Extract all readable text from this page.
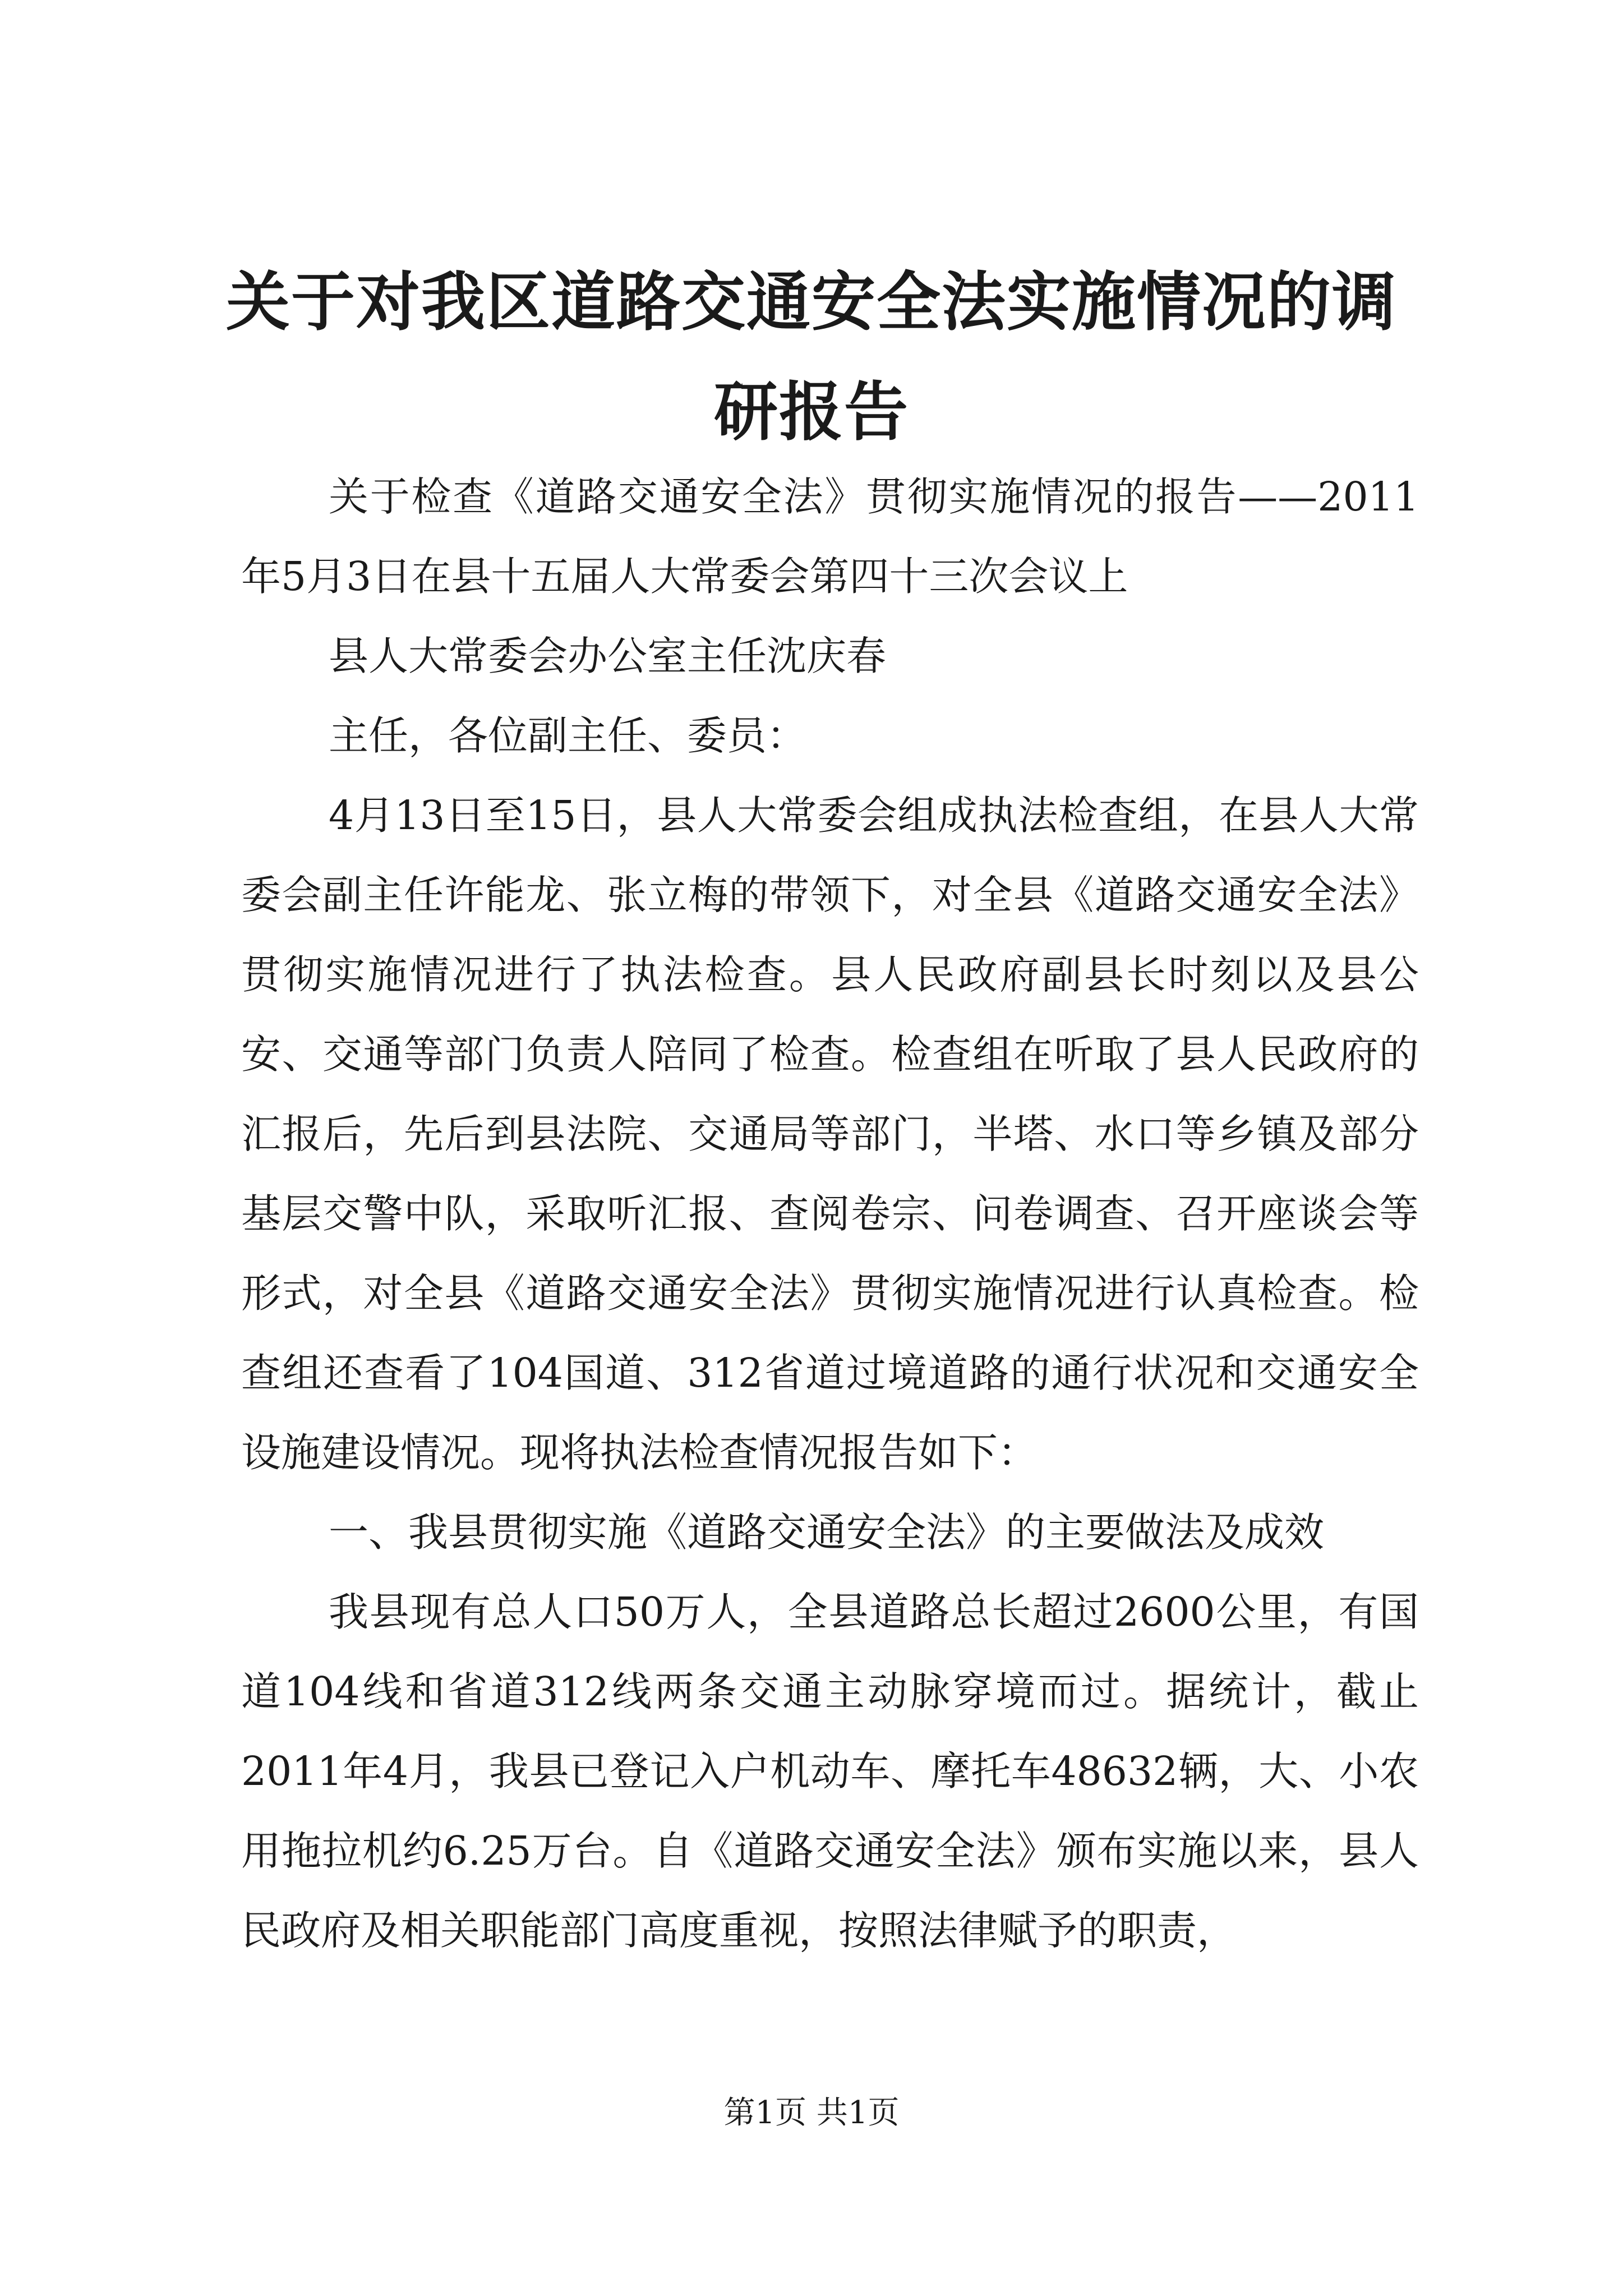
关于对我区道路交通安全法实施情况的调研报告

关于检查《道路交通安全法》贯彻实施情况的报告——2011年5月3日在县十五届人大常委会第四十三次会议上

县人大常委会办公室主任沈庆春

主任，各位副主任、委员：

4月13日至15日，县人大常委会组成执法检查组，在县人大常委会副主任许能龙、张立梅的带领下，对全县《道路交通安全法》贯彻实施情况进行了执法检查。县人民政府副县长时刻以及县公安、交通等部门负责人陪同了检查。检查组在听取了县人民政府的汇报后，先后到县法院、交通局等部门，半塔、水口等乡镇及部分基层交警中队，采取听汇报、查阅卷宗、问卷调查、召开座谈会等形式，对全县《道路交通安全法》贯彻实施情况进行认真检查。检查组还查看了104国道、312省道过境道路的通行状况和交通安全设施建设情况。现将执法检查情况报告如下：

一、我县贯彻实施《道路交通安全法》的主要做法及成效

我县现有总人口50万人，全县道路总长超过2600公里，有国道104线和省道312线两条交通主动脉穿境而过。据统计，截止2011年4月，我县已登记入户机动车、摩托车48632辆，大、小农用拖拉机约6.25万台。自《道路交通安全法》颁布实施以来，县人民政府及相关职能部门高度重视，按照法律赋予的职责，

第1页 共1页
